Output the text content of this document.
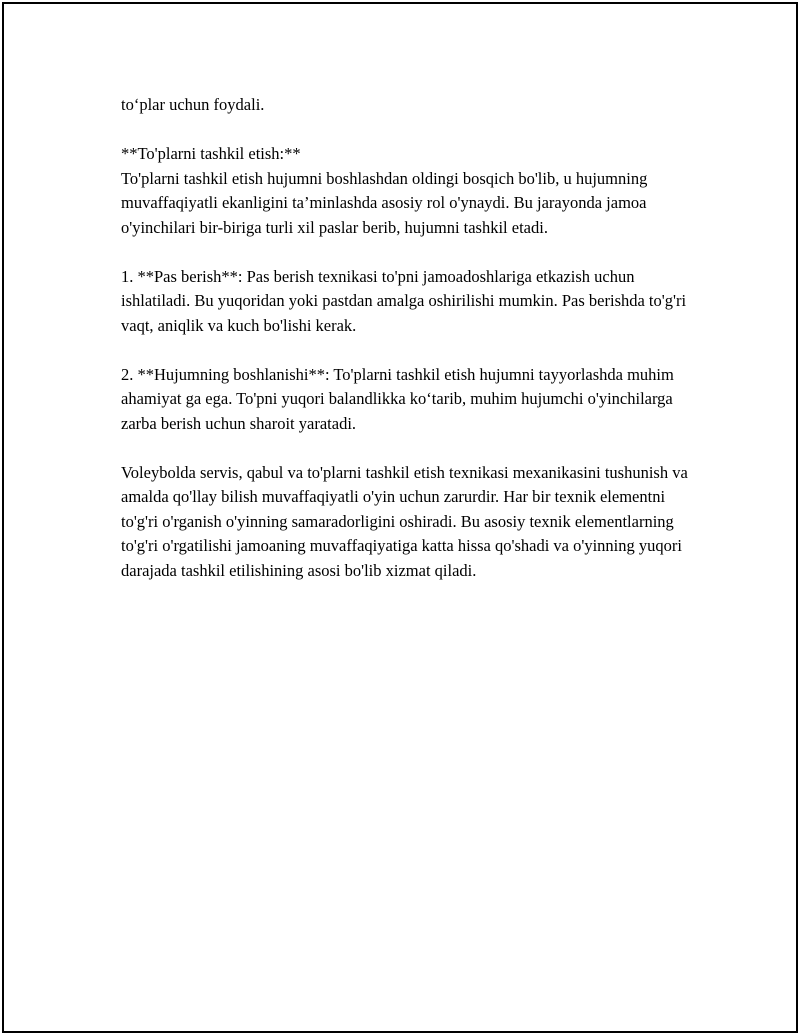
to‘plar uchun foydali.

**To'plarni tashkil etish:**

To'plarni tashkil etish hujumni boshlashdan oldingi bosqich bo'lib, u hujumning muvaffaqiyatli ekanligini ta’minlashda asosiy rol o'ynaydi. Bu jarayonda jamoa o'yinchilari bir-biriga turli xil paslar berib, hujumni tashkil etadi.

1. **Pas berish**: Pas berish texnikasi to'pni jamoadoshlariga etkazish uchun ishlatiladi. Bu yuqoridan yoki pastdan amalga oshirilishi mumkin. Pas berishda to'g'ri vaqt, aniqlik va kuch bo'lishi kerak.

2. **Hujumning boshlanishi**: To'plarni tashkil etish hujumni tayyorlashda muhim ahamiyat ga ega. To'pni yuqori balandlikka ko‘tarib, muhim hujumchi o'yinchilarga zarba berish uchun sharoit yaratadi.

Voleybolda servis, qabul va to'plarni tashkil etish texnikasi mexanikasini tushunish va amalda qo'llay bilish muvaffaqiyatli o'yin uchun zarurdir. Har bir texnik elementni to'g'ri o'rganish o'yinning samaradorligini oshiradi. Bu asosiy texnik elementlarning to'g'ri o'rgatilishi jamoaning muvaffaqiyatiga katta hissa qo'shadi va o'yinning yuqori darajada tashkil etilishining asosi bo'lib xizmat qiladi.
